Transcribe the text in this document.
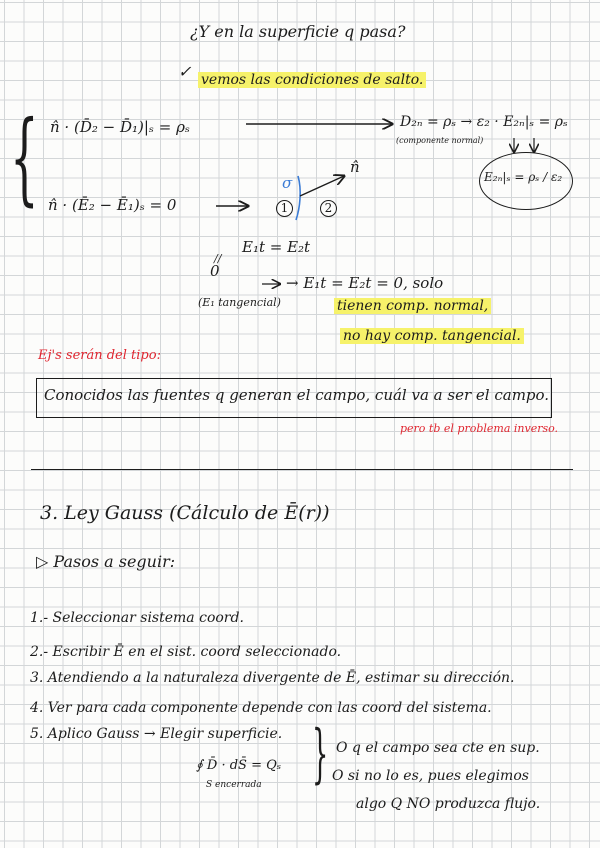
¿Y en la superficie q pasa?
✓ vemos las condiciones de salto.
{ n̂ · (D̄₂ − D̄₁)|ₛ = ρₛ	D₂ₙ = ρₛ → ε₂ · E₂ₙ|ₛ = ρₛ
(componente normal)
E₂ₙ|ₛ = ρₛ / ε₂
n̂ · (Ē₂ − Ē₁)ₛ = 0
σ
n̂
1	2
E₁t = E₂t
//
0
(E₁ tangencial)
→ E₁t = E₂t = 0, solo
tienen comp. normal,
no hay comp. tangencial.
Ej's serán del tipo:
Conocidos las fuentes q generan el campo, cuál va a ser el campo.
pero tb el problema inverso.
3. Ley Gauss (Cálculo de Ē(r))
▷ Pasos a seguir:
1.- Seleccionar sistema coord.
2.- Escribir Ē en el sist. coord seleccionado.
3. Atendiendo a la naturaleza divergente de Ē, estimar su dirección.
4. Ver para cada componente depende con las coord del sistema.
5. Aplico Gauss → Elegir superficie.
∮ D̄ · dS̄ = Qₛ
S encerrada } O q el campo sea cte en sup.
O si no lo es, pues elegimos
algo Q NO produzca flujo.
